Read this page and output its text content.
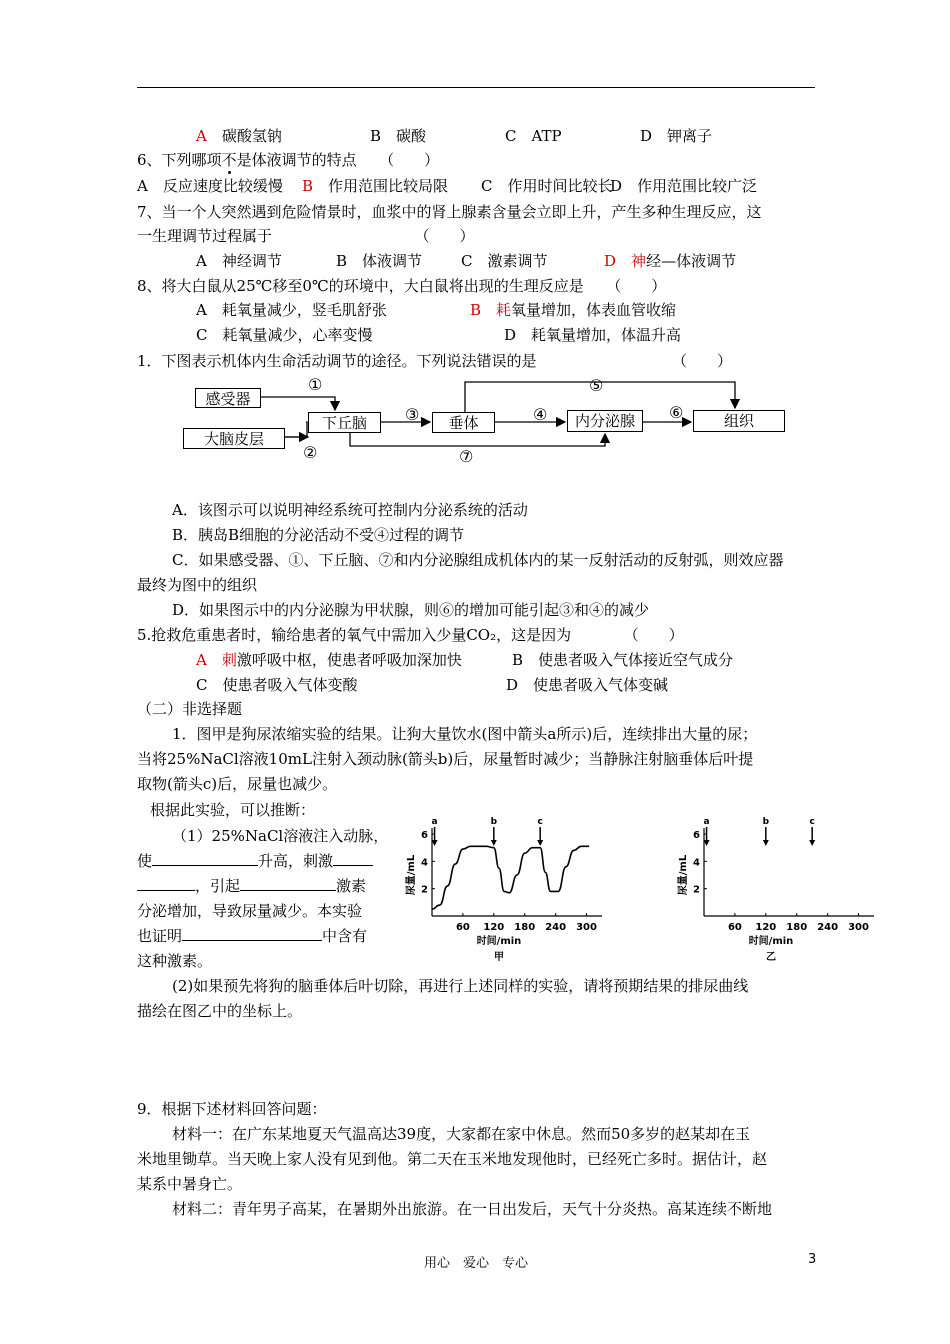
A　 碳酸氢钠	B　碳酸	C　ATP	D　钾离子
6、下列哪项不是体液调节的特点　　（　　）
A　反应速度比较缓慢 B　作用范围比较局限 C　作用时间比较长
D　作用范围比较广泛
7、当一个人突然遇到危险情景时，血浆中的肾上腺素含量会立即上升，产生多种生理反应，这
一生理调节过程属于　　　　　　　　　　（　　）
A　神经调节	B　体液调节	C　激素调节	D　 神经—体液调节
8、将大白鼠从25℃移至0℃的环境中，大白鼠将出现的生理反应是　　（　　）
A　耗氧量减少，竖毛肌舒张	B　耗氧量增加，体表血管收缩
C　耗氧量减少，心率变慢	D　耗氧量增加，体温升高
1．下图表示机体内生命活动调节的途径。下列说法错误的是	（　　）
感受器
大脑皮层
下丘脑	垂体	内分泌腺	组织
①
②
③	④
⑤
⑥
⑦
A．该图示可以说明神经系统可控制内分泌系统的活动
B．胰岛B细胞的分泌活动不受④过程的调节
C．如果感受器、①、下丘脑、⑦和内分泌腺组成机体内的某一反射活动的反射弧，则效应器
最终为图中的组织
D．如果图示中的内分泌腺为甲状腺，则⑥的增加可能引起③和④的减少
5.抢救危重患者时，输给患者的氧气中需加入少量CO₂，这是因为　　　　（　　）
A　刺激呼吸中枢，使患者呼吸加深加快	B　使患者吸入气体接近空气成分
C　使患者吸入气体变酸	D　使患者吸入气体变碱
（二）非选择题
1．图甲是狗尿浓缩实验的结果。让狗大量饮水(图中箭头a所示)后，连续排出大量的尿；
当将25%NaCl溶液10mL注射入颈动脉(箭头b)后，尿量暂时减少；当静脉注射脑垂体后叶提
取物(箭头c)后，尿量也减少。
根据此实验，可以推断：
（1）25%NaCl溶液注入动脉，
使	升高，刺激
，引起	激素
分泌增加，导致尿量减少。本实验
也证明	中含有
这种激素。
60 120 180 240 300
2
4
6
时间/min
尿量/mL
甲
a	b	c
60 120 180 240 300
2
4
6
时间/min
尿量/mL
乙
a	b	c
(2)如果预先将狗的脑垂体后叶切除，再进行上述同样的实验，请将预期结果的排尿曲线
描绘在图乙中的坐标上。
9．根据下述材料回答问题：
材料一：在广东某地夏天气温高达39度，大家都在家中休息。然而50多岁的赵某却在玉
米地里锄草。当天晚上家人没有见到他。第二天在玉米地发现他时，已经死亡多时。据估计，赵
某系中暑身亡。
材料二：青年男子高某，在暑期外出旅游。在一日出发后，天气十分炎热。高某连续不断地
用心　爱心　专心	3
